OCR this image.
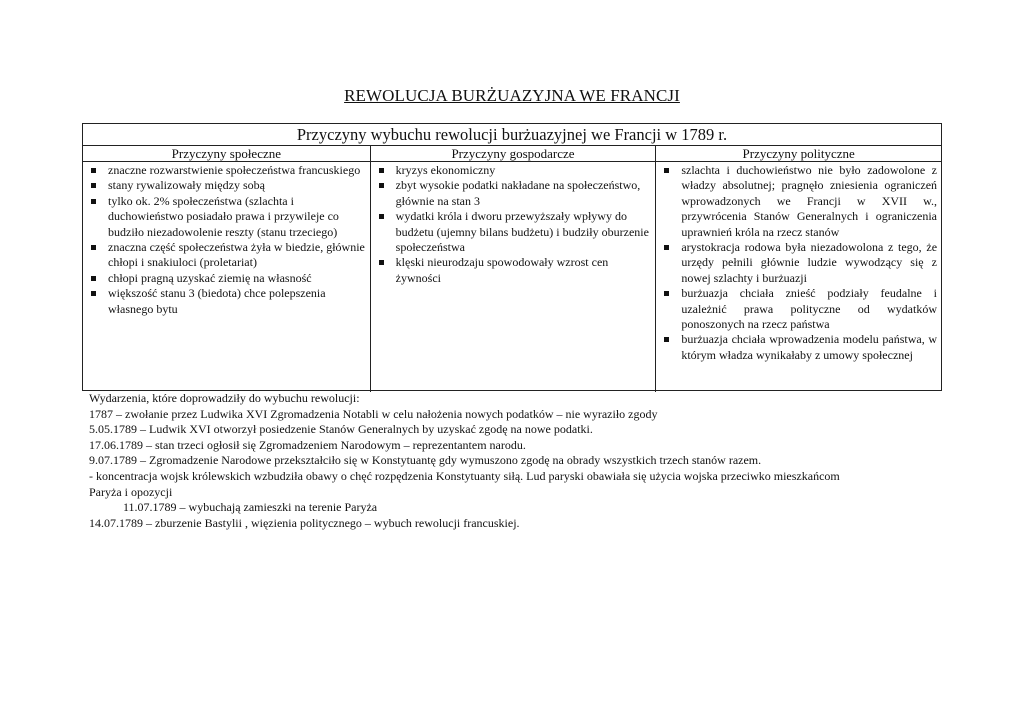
REWOLUCJA BURŻUAZYJNA WE FRANCJI
Przyczyny wybuchu rewolucji burżuazyjnej we Francji w 1789 r.
Przyczyny społeczne
znaczne rozwarstwienie społeczeństwa francuskiego
stany rywalizowały między sobą
tylko ok. 2% społeczeństwa (szlachta i duchowieństwo posiadało prawa i przywileje co budziło niezadowolenie reszty (stanu trzeciego)
znaczna część społeczeństwa żyła w biedzie, głównie chłopi i snakiuloci (proletariat)
chłopi pragną uzyskać ziemię na własność
większość stanu 3 (biedota) chce polepszenia własnego bytu
Przyczyny gospodarcze
kryzys ekonomiczny
zbyt wysokie podatki nakładane na społeczeństwo, głównie na stan 3
wydatki króla i dworu przewyższały wpływy do budżetu (ujemny bilans budżetu) i budziły oburzenie społeczeństwa
klęski nieurodzaju spowodowały wzrost cen żywności
Przyczyny polityczne
szlachta i duchowieństwo nie było zadowolone z władzy absolutnej; pragnęło zniesienia ograniczeń wprowadzonych we Francji w XVII w., przywrócenia Stanów Generalnych i ograniczenia uprawnień króla na rzecz stanów
arystokracja rodowa była niezadowolona z tego, że urzędy pełnili głównie ludzie wywodzący się z nowej szlachty i burżuazji
burżuazja chciała znieść podziały feudalne i uzależnić prawa polityczne od wydatków ponoszonych na rzecz państwa
burżuazja chciała wprowadzenia modelu państwa, w którym władza wynikałaby z umowy społecznej
Wydarzenia, które doprowadziły do wybuchu rewolucji:
1787 – zwołanie przez Ludwika XVI Zgromadzenia Notabli w celu nałożenia nowych podatków – nie wyraziło zgody
5.05.1789 – Ludwik XVI otworzył posiedzenie Stanów Generalnych by uzyskać zgodę na nowe podatki.
17.06.1789 – stan trzeci ogłosił się Zgromadzeniem Narodowym – reprezentantem narodu.
9.07.1789 – Zgromadzenie Narodowe przekształciło się w Konstytuantę gdy wymuszono zgodę na obrady wszystkich trzech stanów razem.
- koncentracja wojsk królewskich wzbudziła obawy o chęć rozpędzenia Konstytuanty siłą. Lud paryski obawiała się użycia wojska przeciwko mieszkańcom
Paryża i opozycji
11.07.1789 – wybuchają zamieszki na terenie Paryża
14.07.1789 – zburzenie Bastylii , więzienia politycznego – wybuch rewolucji francuskiej.
